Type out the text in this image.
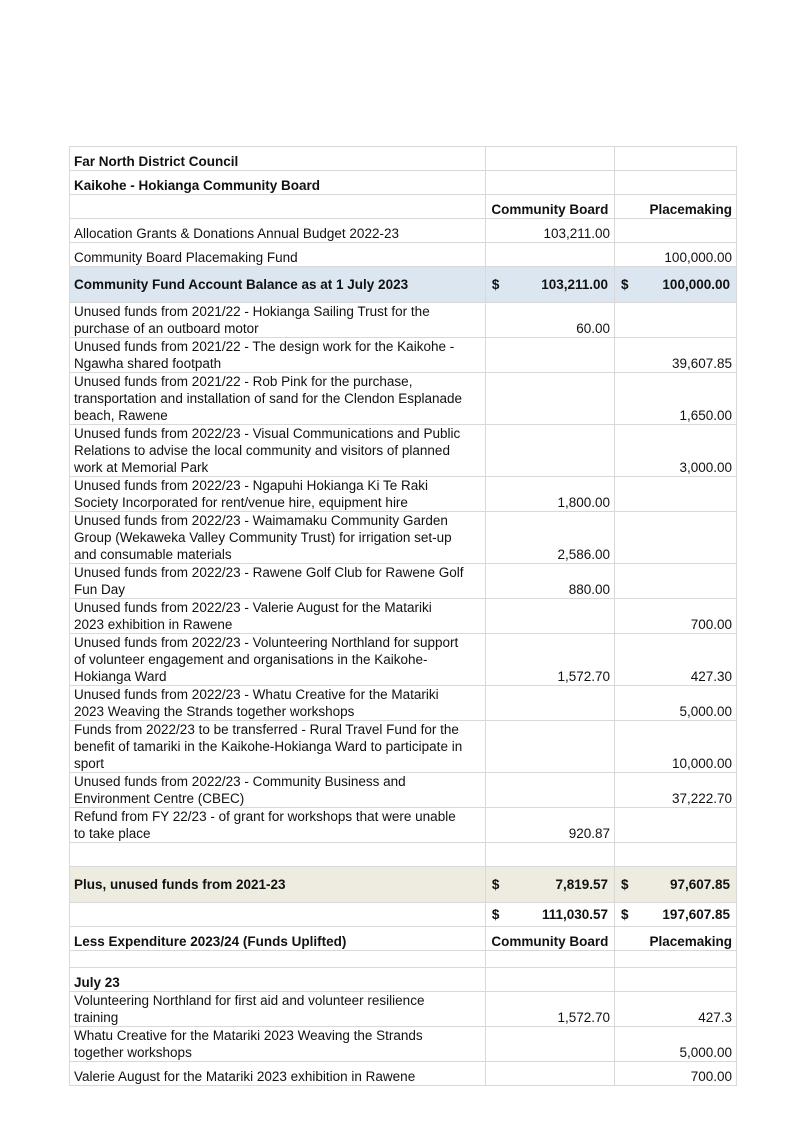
Far North District Council		
Kaikohe - Hokianga Community Board		
	Community Board	Placemaking
Allocation Grants & Donations Annual Budget 2022-23	103,211.00	
Community Board Placemaking Fund		100,000.00
Community Fund Account Balance as at 1 July 2023	$ 103,211.00	$ 100,000.00

Unused funds from 2021/22 - Hokianga Sailing Trust for the
purchase of an outboard motor	60.00	
Unused funds from 2021/22 - The design work for the Kaikohe -
Ngawha shared footpath		39,607.85
Unused funds from 2021/22 - Rob Pink for the purchase,
transportation and installation of sand for the Clendon Esplanade
beach, Rawene		1,650.00
Unused funds from 2022/23 - Visual Communications and Public
Relations to advise the local community and visitors of planned
work at Memorial Park		3,000.00
Unused funds from 2022/23 - Ngapuhi Hokianga Ki Te Raki
Society Incorporated for rent/venue hire, equipment hire	1,800.00	
Unused funds from 2022/23 - Waimamaku Community Garden
Group (Wekaweka Valley Community Trust) for irrigation set-up
and consumable materials	2,586.00	
Unused funds from 2022/23 - Rawene Golf Club for Rawene Golf
Fun Day	880.00	
Unused funds from 2022/23 - Valerie August for the Matariki
2023 exhibition in Rawene		700.00
Unused funds from 2022/23 - Volunteering Northland for support
of volunteer engagement and organisations in the Kaikohe-
Hokianga Ward	1,572.70	427.30
Unused funds from 2022/23 - Whatu Creative for the Matariki
2023 Weaving the Strands together workshops		5,000.00
Funds from 2022/23 to be transferred - Rural Travel Fund for the
benefit of tamariki in the Kaikohe-Hokianga Ward to participate in
sport		10,000.00
Unused funds from 2022/23 - Community Business and
Environment Centre (CBEC)		37,222.70
Refund from FY 22/23 - of grant for workshops that were unable
to take place	920.87	

Plus, unused funds from 2021-23	$ 7,819.57	$ 97,607.85

	$ 111,030.57	$ 197,607.85

Less Expenditure 2023/24 (Funds Uplifted)	Community Board	Placemaking

July 23		
Volunteering Northland for first aid and volunteer resilience
training	1,572.70	427.3
Whatu Creative for the Matariki 2023 Weaving the Strands
together workshops		5,000.00
Valerie August for the Matariki 2023 exhibition in Rawene		700.00
